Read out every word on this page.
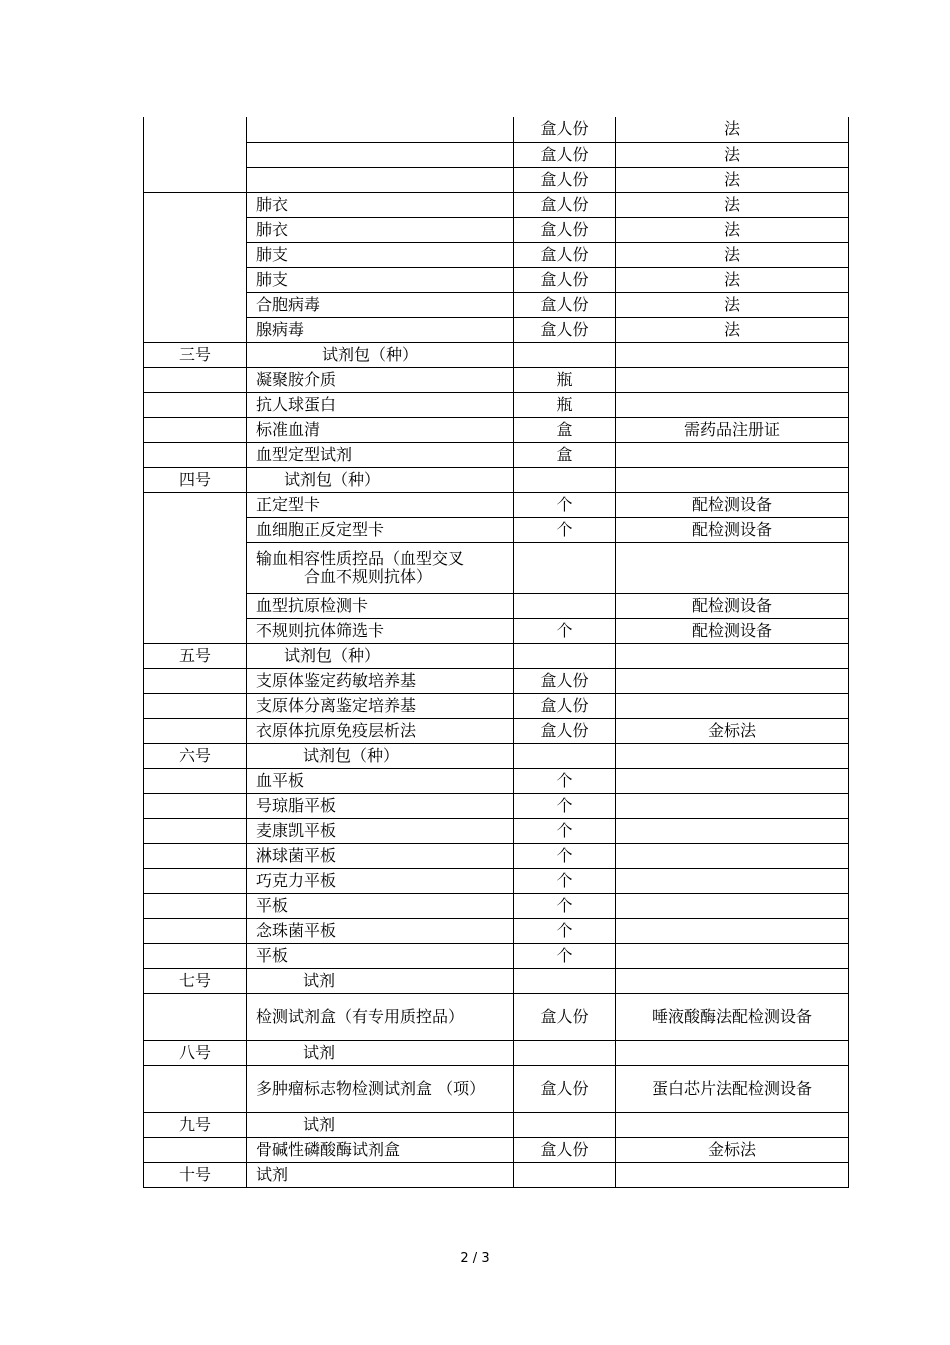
		盒人份	法
		盒人份	法
		盒人份	法
	肺衣	盒人份	法
	肺衣	盒人份	法
	肺支	盒人份	法
	肺支	盒人份	法
	合胞病毒	盒人份	法
	腺病毒	盒人份	法
三号	试剂包（种）		
	凝聚胺介质	瓶	
	抗人球蛋白	瓶	
	标准血清	盒	需药品注册证
	血型定型试剂	盒	
四号	试剂包（种）		
	正定型卡	个	配检测设备
	血细胞正反定型卡	个	配检测设备

	输血相容性质控品（血型交叉
合血不规则抗体）		

	血型抗原检测卡		配检测设备
	不规则抗体筛选卡	个	配检测设备
五号	试剂包（种）		
	支原体鉴定药敏培养基	盒人份	
	支原体分离鉴定培养基	盒人份	
	衣原体抗原免疫层析法	盒人份	金标法
六号	试剂包（种）		
	血平板	个	
	号琼脂平板	个	
	麦康凯平板	个	
	淋球菌平板	个	
	巧克力平板	个	
	平板	个	
	念珠菌平板	个	
	平板	个	
七号	试剂		
	检测试剂盒（有专用质控品）	盒人份	唾液酸酶法配检测设备
八号	试剂		
	多肿瘤标志物检测试剂盒 （项）	盒人份	蛋白芯片法配检测设备
九号	试剂		
	骨碱性磷酸酶试剂盒	盒人份	金标法
十号	试剂		
2 / 3
